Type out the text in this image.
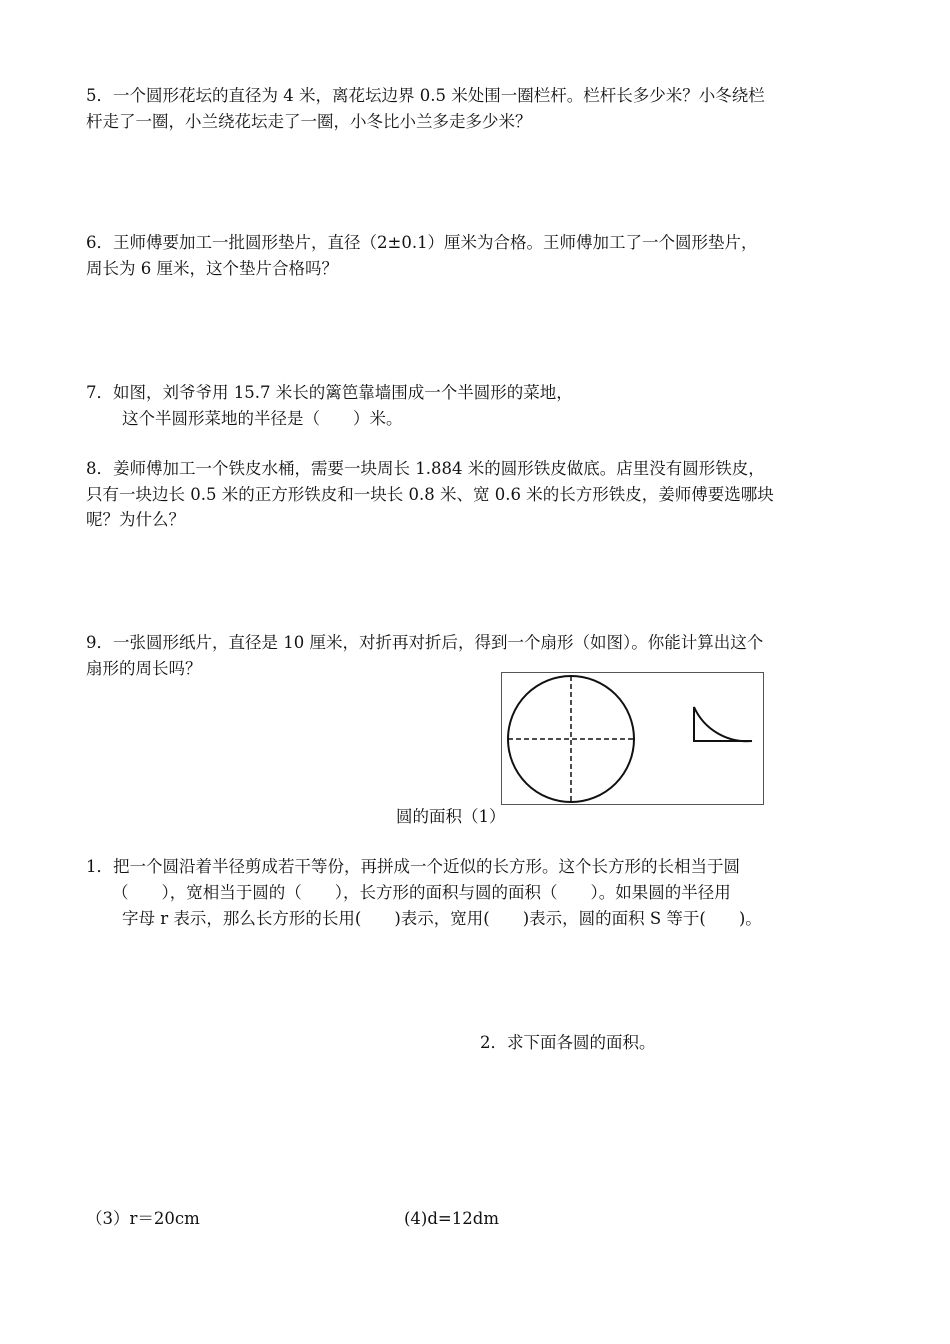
5．一个圆形花坛的直径为 4 米，离花坛边界 0.5 米处围一圈栏杆。栏杆长多少米？小冬绕栏
杆走了一圈，小兰绕花坛走了一圈，小冬比小兰多走多少米？
6．王师傅要加工一批圆形垫片，直径（2±0.1）厘米为合格。王师傅加工了一个圆形垫片，
周长为 6 厘米，这个垫片合格吗？
7．如图，刘爷爷用 15.7 米长的篱笆靠墙围成一个半圆形的菜地，
这个半圆形菜地的半径是（　　）米。
8．姜师傅加工一个铁皮水桶，需要一块周长 1.884 米的圆形铁皮做底。店里没有圆形铁皮，
只有一块边长 0.5 米的正方形铁皮和一块长 0.8 米、宽 0.6 米的长方形铁皮，姜师傅要选哪块
呢？为什么？
9．一张圆形纸片，直径是 10 厘米，对折再对折后，得到一个扇形（如图）。你能计算出这个
扇形的周长吗？
圆的面积（1）
1．把一个圆沿着半径剪成若干等份，再拼成一个近似的长方形。这个长方形的长相当于圆
（　　），宽相当于圆的（　　），长方形的面积与圆的面积（　　）。如果圆的半径用
字母 r 表示，那么长方形的长用(　　)表示，宽用(　　)表示，圆的面积 S 等于(　　)。
2．求下面各圆的面积。
（3）r＝20cm	(4)d=12dm
